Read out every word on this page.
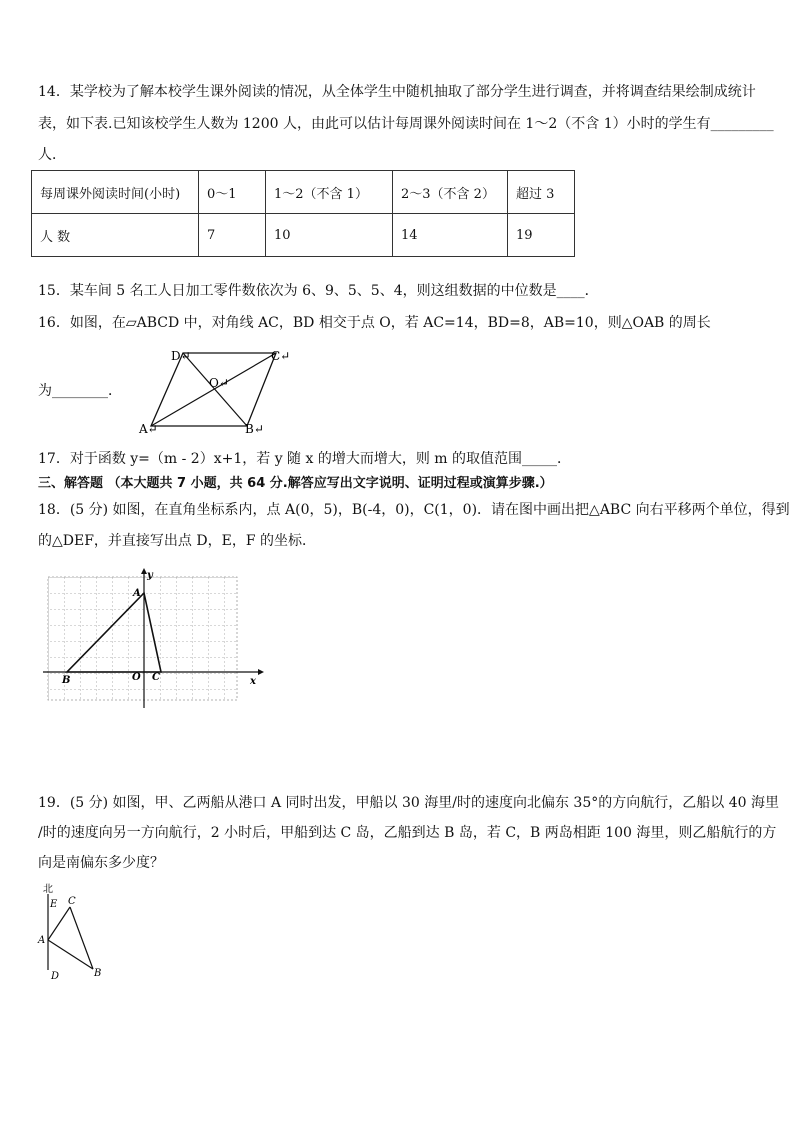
14．某学校为了解本校学生课外阅读的情况，从全体学生中随机抽取了部分学生进行调查，并将调查结果绘制成统计
表，如下表.已知该校学生人数为 1200 人，由此可以估计每周课外阅读时间在 1～2（不含 1）小时的学生有_________
人．
每周课外阅读时间(小时)	0～1	1～2（不含 1）	2～3（不含 2）	超过 3
人 数	7	10	14	19
15．某车间 5 名工人日加工零件数依次为 6、9、5、5、4，则这组数据的中位数是____．
16．如图，在▱ABCD 中，对角线 AC，BD 相交于点 O，若 AC=14，BD=8，AB=10，则△OAB 的周长
为________．
D↵	C↵
O↵
A↵	B↵
17．对于函数 y=（m - 2）x+1，若 y 随 x 的增大而增大，则 m 的取值范围_____．
三、解答题 （本大题共 7 小题，共 64 分.解答应写出文字说明、证明过程或演算步骤.）
18．(5 分) 如图，在直角坐标系内，点 A(0，5)，B(-4，0)，C(1，0)．请在图中画出把△ABC 向右平移两个单位，得到
的△DEF，并直接写出点 D，E，F 的坐标．
y
x
A
B	O C
19．(5 分) 如图，甲、乙两船从港口 A 同时出发，甲船以 30 海里/时的速度向北偏东 35°的方向航行，乙船以 40 海里
/时的速度向另一方向航行，2 小时后，甲船到达 C 岛，乙船到达 B 岛，若 C，B 两岛相距 100 海里，则乙船航行的方
向是南偏东多少度？
北
E C
A
D	B
